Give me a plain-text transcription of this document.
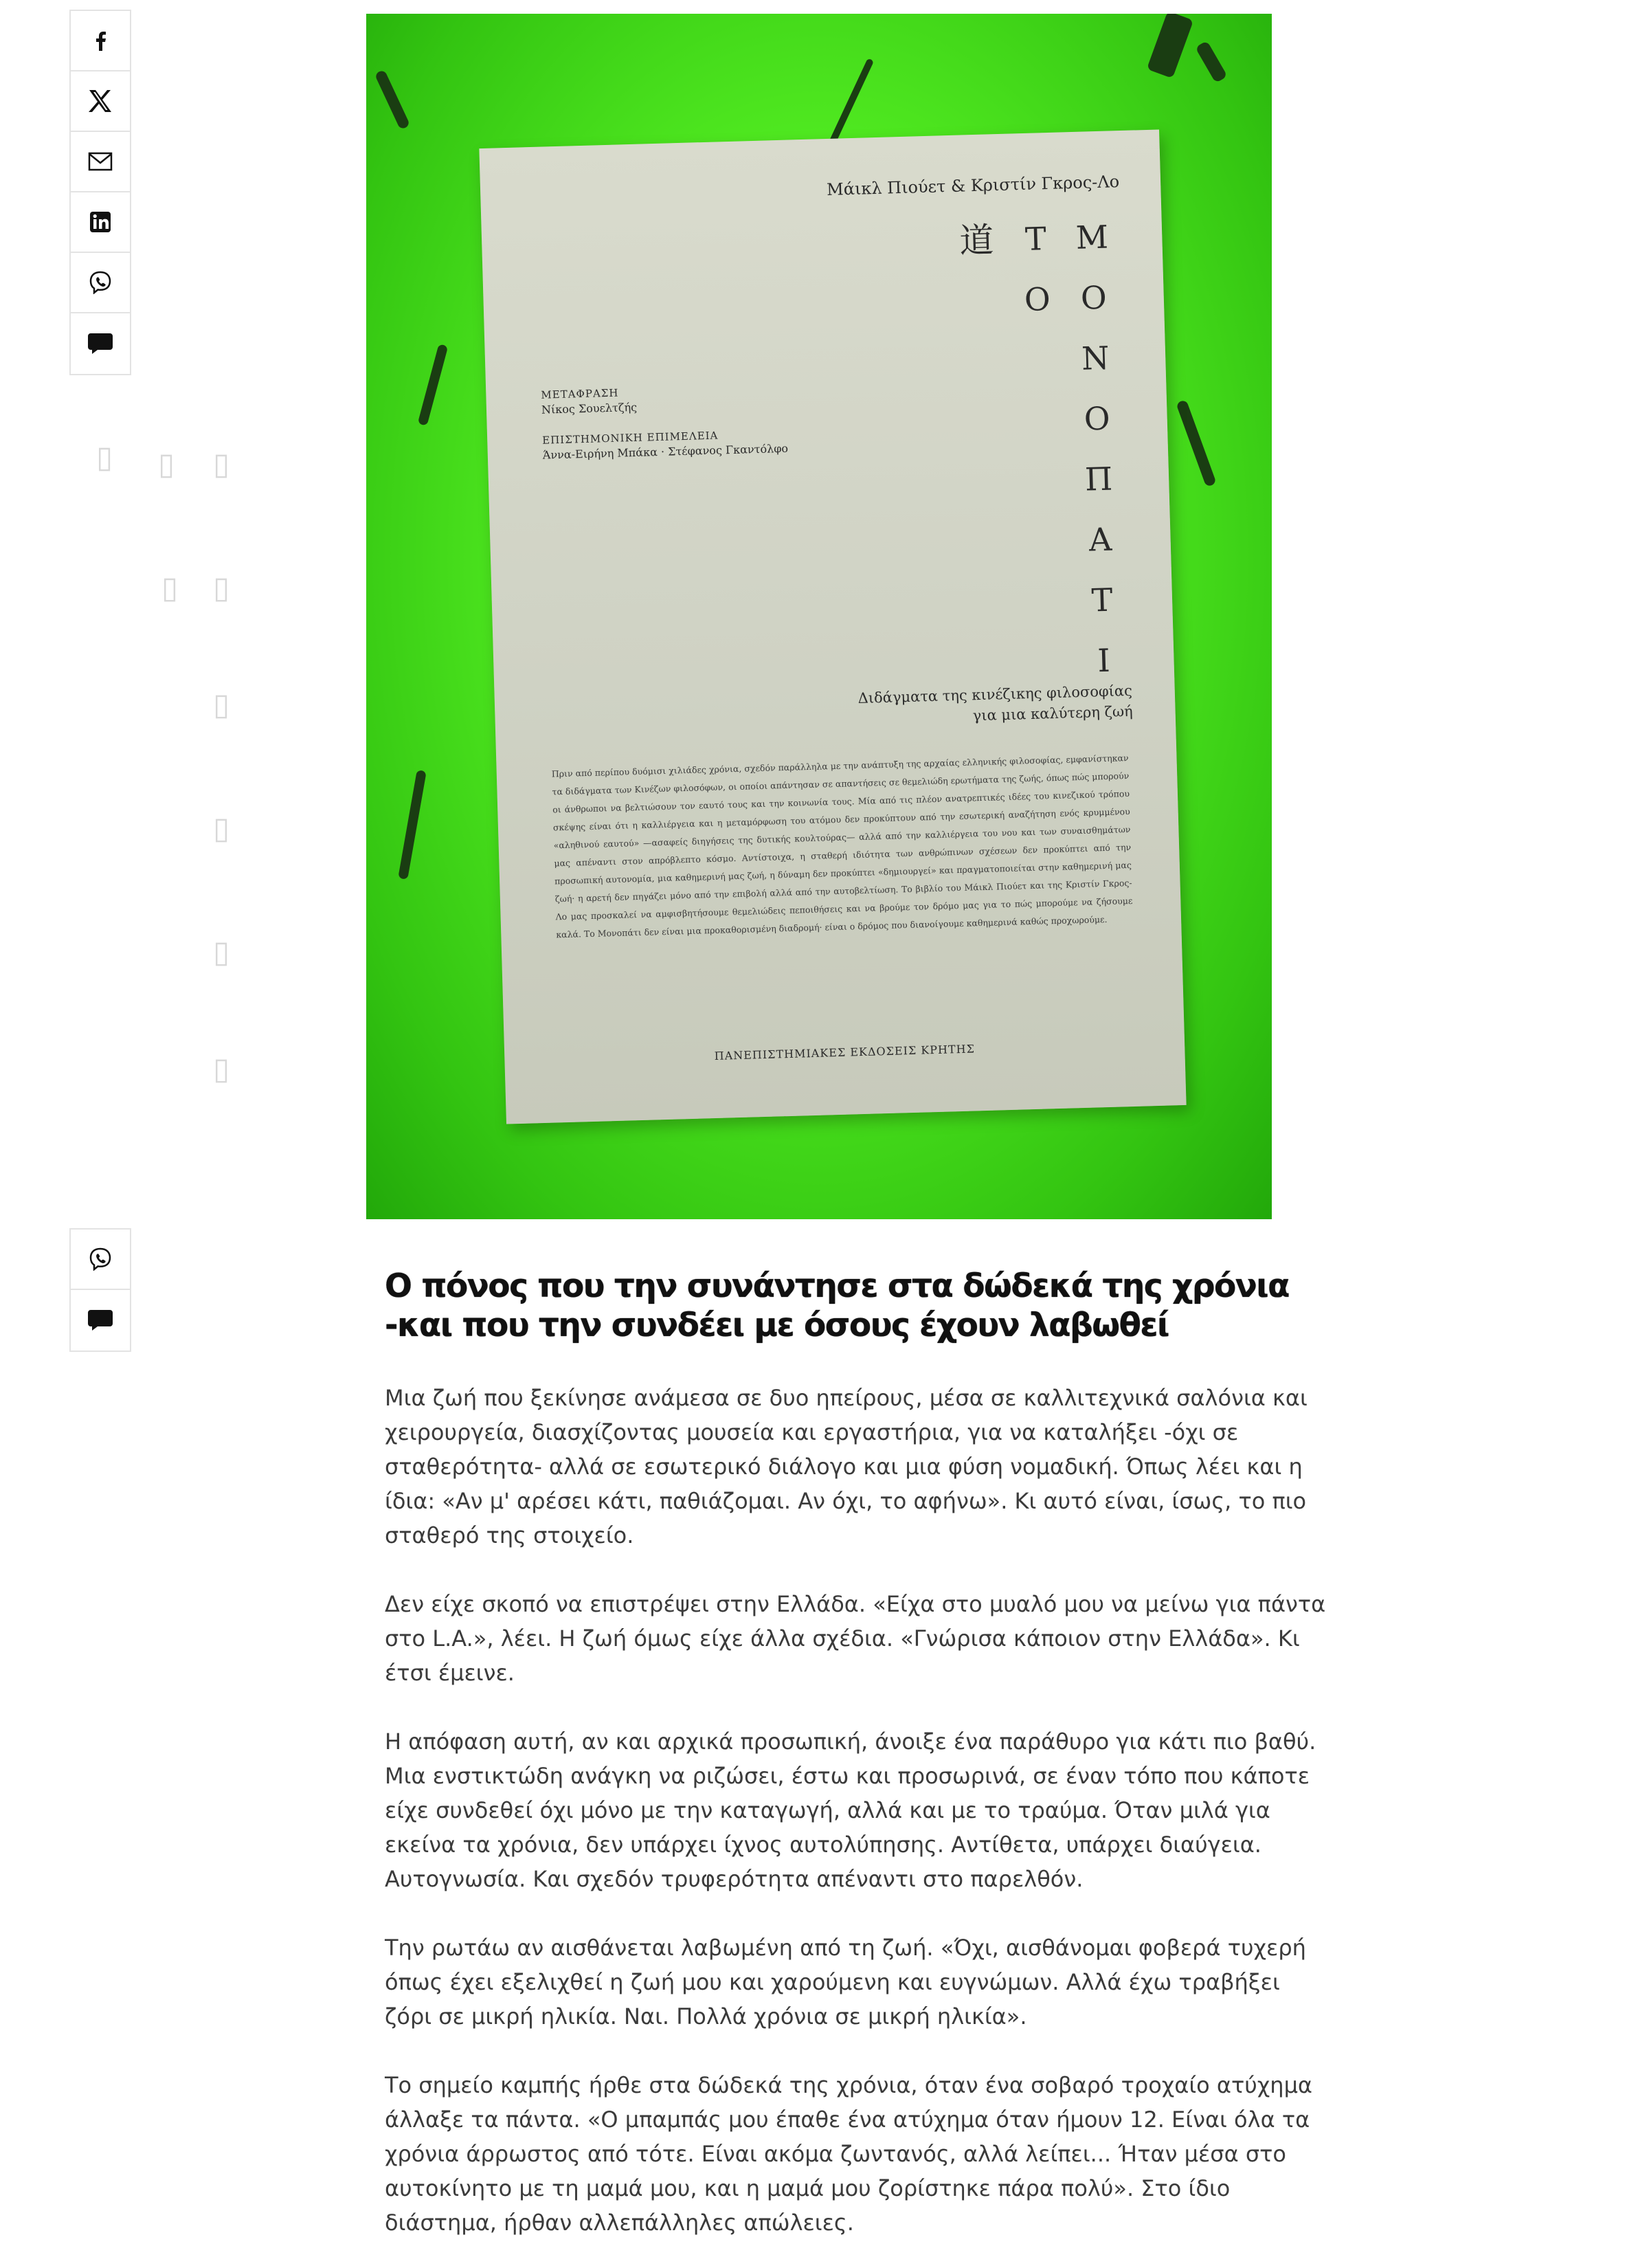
▯ ▯ ▯
▯ ▯
▯
▯
▯
▯
Μάικλ Πιούετ & Κριστίν Γκρος-Λο
Μ
Ο
Ν
Ο
Π
Α
Τ
Ι
Τ
Ο
道
ΜΕΤΑΦΡΑΣΗ
Νίκος Σουελτζής
ΕΠΙΣΤΗΜΟΝΙΚΗ ΕΠΙΜΕΛΕΙΑ
Άννα-Ειρήνη Μπάκα · Στέφανος Γκαντόλφο
Διδάγματα της κινέζικης φιλοσοφίας
για μια καλύτερη ζωή
Πριν από περίπου δυόμισι χιλιάδες χρόνια, σχεδόν παράλληλα με την ανάπτυξη της αρχαίας ελληνικής φιλοσοφίας, εμφανίστηκαν τα διδάγματα των Κινέζων φιλοσόφων, οι οποίοι απάντησαν σε απαντήσεις σε θεμελιώδη ερωτήματα της ζωής, όπως πώς μπορούν οι άνθρωποι να βελτιώσουν τον εαυτό τους και την κοινωνία τους. Μία από τις πλέον ανατρεπτικές ιδέες του κινεζικού τρόπου σκέψης είναι ότι η καλλιέργεια και η μεταμόρφωση του ατόμου δεν προκύπτουν από την εσωτερική αναζήτηση ενός κρυμμένου «αληθινού εαυτού» —ασαφείς διηγήσεις της δυτικής κουλτούρας— αλλά από την καλλιέργεια του νου και των συναισθημάτων μας απέναντι στον απρόβλεπτο κόσμο. Αντίστοιχα, η σταθερή ιδιότητα των ανθρώπινων σχέσεων δεν προκύπτει από την προσωπική αυτονομία, μια καθημερινή μας ζωή, η δύναμη δεν προκύπτει «δημιουργεί» και πραγματοποιείται στην καθημερινή μας ζωή· η αρετή δεν πηγάζει μόνο από την επιβολή αλλά από την αυτοβελτίωση. Το βιβλίο του Μάικλ Πιούετ και της Κριστίν Γκρος-Λο μας προσκαλεί να αμφισβητήσουμε θεμελιώδεις πεποιθήσεις και να βρούμε τον δρόμο μας για το πώς μπορούμε να ζήσουμε καλά. Το Μονοπάτι δεν είναι μια προκαθορισμένη διαδρομή· είναι ο δρόμος που διανοίγουμε καθημερινά καθώς προχωρούμε.
ΠΑΝΕΠΙΣΤΗΜΙΑΚΕΣ ΕΚΔΟΣΕΙΣ ΚΡΗΤΗΣ
Ο πόνος που την συνάντησε στα δώδεκά της χρόνια -και που την συνδέει με όσους έχουν λαβωθεί

Μια ζωή που ξεκίνησε ανάμεσα σε δυο ηπείρους, μέσα σε καλλιτεχνικά σαλόνια και χειρουργεία, διασχίζοντας μουσεία και εργαστήρια, για να καταλήξει -όχι σε σταθερότητα- αλλά σε εσωτερικό διάλογο και μια φύση νομαδική. Όπως λέει και η ίδια: «Αν μ' αρέσει κάτι, παθιάζομαι. Αν όχι, το αφήνω». Κι αυτό είναι, ίσως, το πιο σταθερό της στοιχείο.

Δεν είχε σκοπό να επιστρέψει στην Ελλάδα. «Είχα στο μυαλό μου να μείνω για πάντα στο L.A.», λέει. Η ζωή όμως είχε άλλα σχέδια. «Γνώρισα κάποιον στην Ελλάδα». Κι έτσι έμεινε.

Η απόφαση αυτή, αν και αρχικά προσωπική, άνοιξε ένα παράθυρο για κάτι πιο βαθύ. Μια ενστικτώδη ανάγκη να ριζώσει, έστω και προσωρινά, σε έναν τόπο που κάποτε είχε συνδεθεί όχι μόνο με την καταγωγή, αλλά και με το τραύμα. Όταν μιλά για εκείνα τα χρόνια, δεν υπάρχει ίχνος αυτολύπησης. Αντίθετα, υπάρχει διαύγεια. Αυτογνωσία. Και σχεδόν τρυφερότητα απέναντι στο παρελθόν.

Την ρωτάω αν αισθάνεται λαβωμένη από τη ζωή. «Όχι, αισθάνομαι φοβερά τυχερή όπως έχει εξελιχθεί η ζωή μου και χαρούμενη και ευγνώμων. Αλλά έχω τραβήξει ζόρι σε μικρή ηλικία. Ναι. Πολλά χρόνια σε μικρή ηλικία».

Το σημείο καμπής ήρθε στα δώδεκά της χρόνια, όταν ένα σοβαρό τροχαίο ατύχημα άλλαξε τα πάντα. «Ο μπαμπάς μου έπαθε ένα ατύχημα όταν ήμουν 12. Είναι όλα τα χρόνια άρρωστος από τότε. Είναι ακόμα ζωντανός, αλλά λείπει... Ήταν μέσα στο αυτοκίνητο με τη μαμά μου, και η μαμά μου ζορίστηκε πάρα πολύ». Στο ίδιο διάστημα, ήρθαν αλλεπάλληλες απώλειες.
